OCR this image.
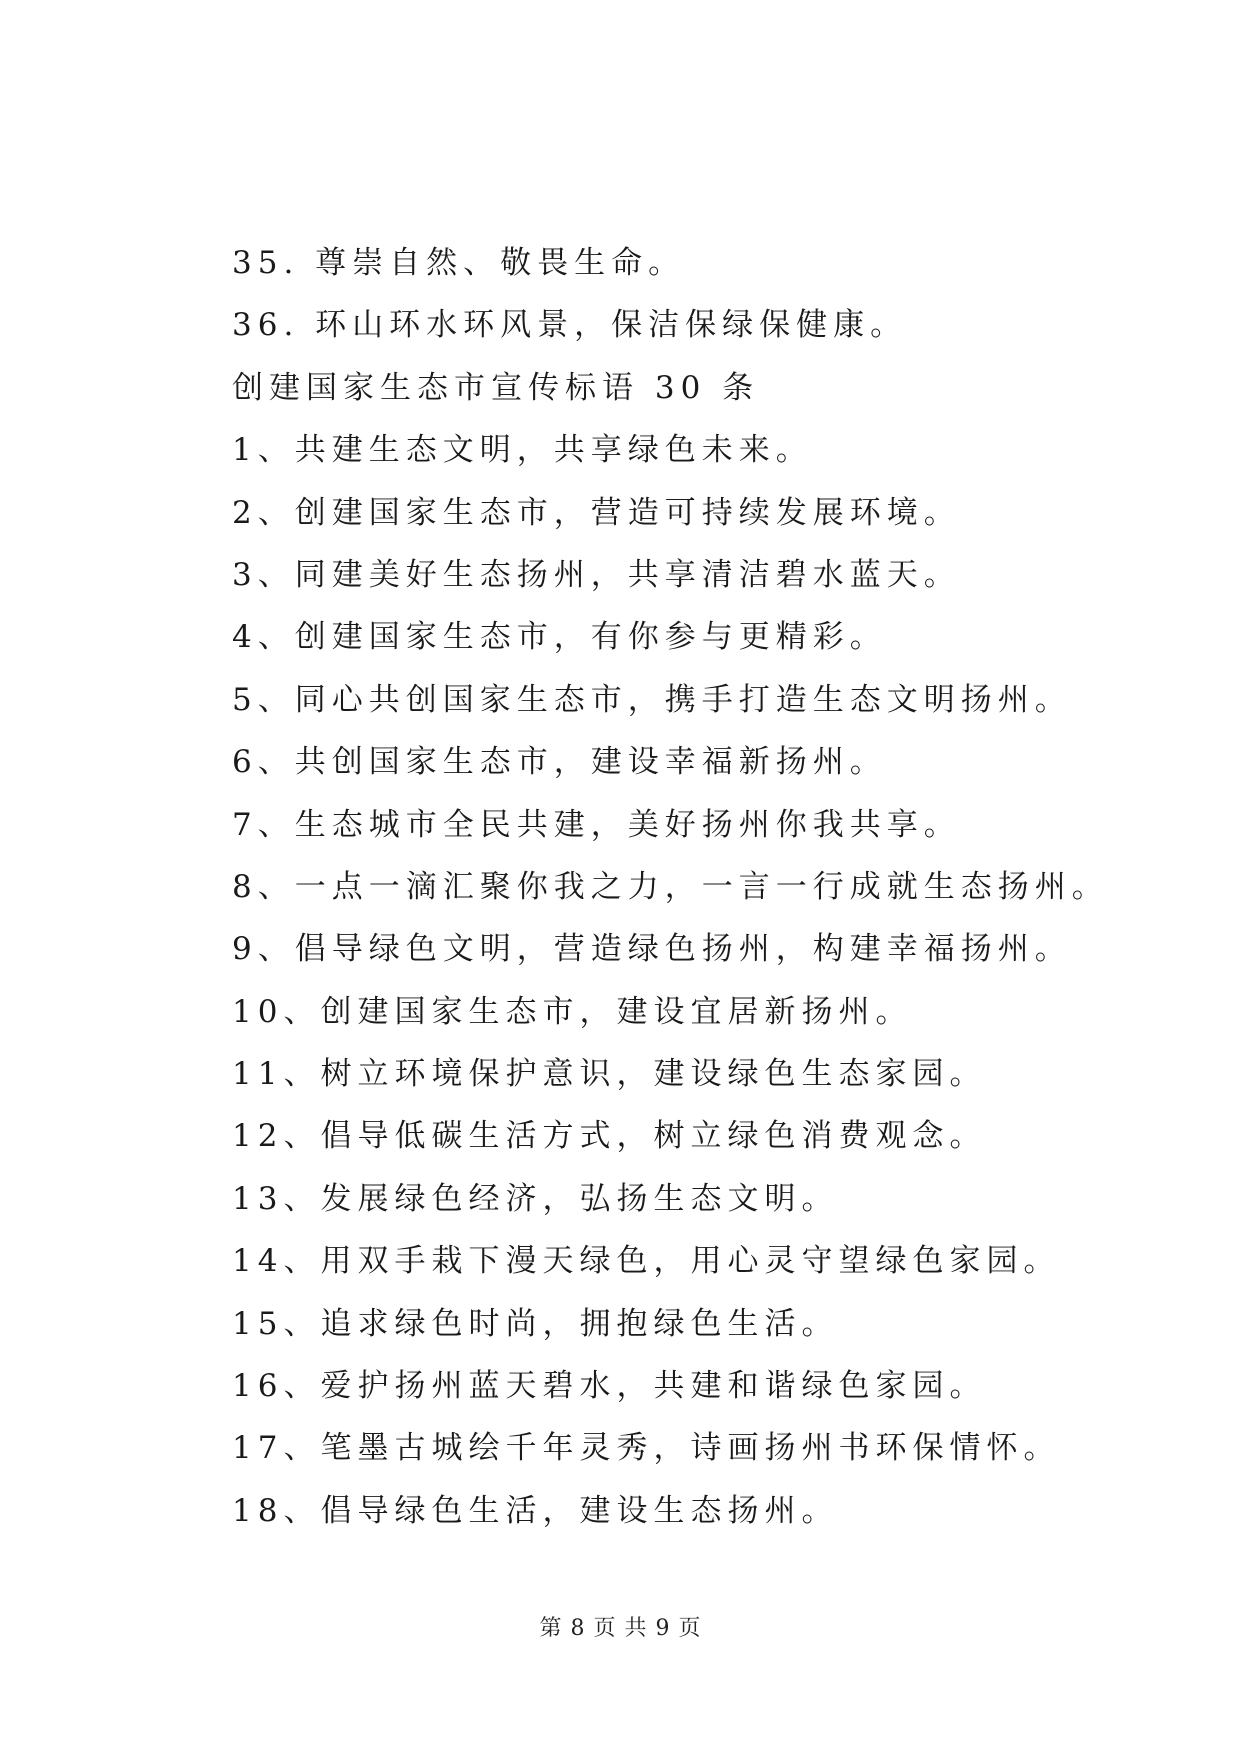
35. 尊崇自然、敬畏生命。
36. 环山环水环风景，保洁保绿保健康。
创建国家生态市宣传标语 30 条
1、共建生态文明，共享绿色未来。
2、创建国家生态市，营造可持续发展环境。
3、同建美好生态扬州，共享清洁碧水蓝天。
4、创建国家生态市，有你参与更精彩。
5、同心共创国家生态市，携手打造生态文明扬州。
6、共创国家生态市，建设幸福新扬州。
7、生态城市全民共建，美好扬州你我共享。
8、一点一滴汇聚你我之力，一言一行成就生态扬州。
9、倡导绿色文明，营造绿色扬州，构建幸福扬州。
10、创建国家生态市，建设宜居新扬州。
11、树立环境保护意识，建设绿色生态家园。
12、倡导低碳生活方式，树立绿色消费观念。
13、发展绿色经济，弘扬生态文明。
14、用双手栽下漫天绿色，用心灵守望绿色家园。
15、追求绿色时尚，拥抱绿色生活。
16、爱护扬州蓝天碧水，共建和谐绿色家园。
17、笔墨古城绘千年灵秀，诗画扬州书环保情怀。
18、倡导绿色生活，建设生态扬州。
第 8 页 共 9 页
